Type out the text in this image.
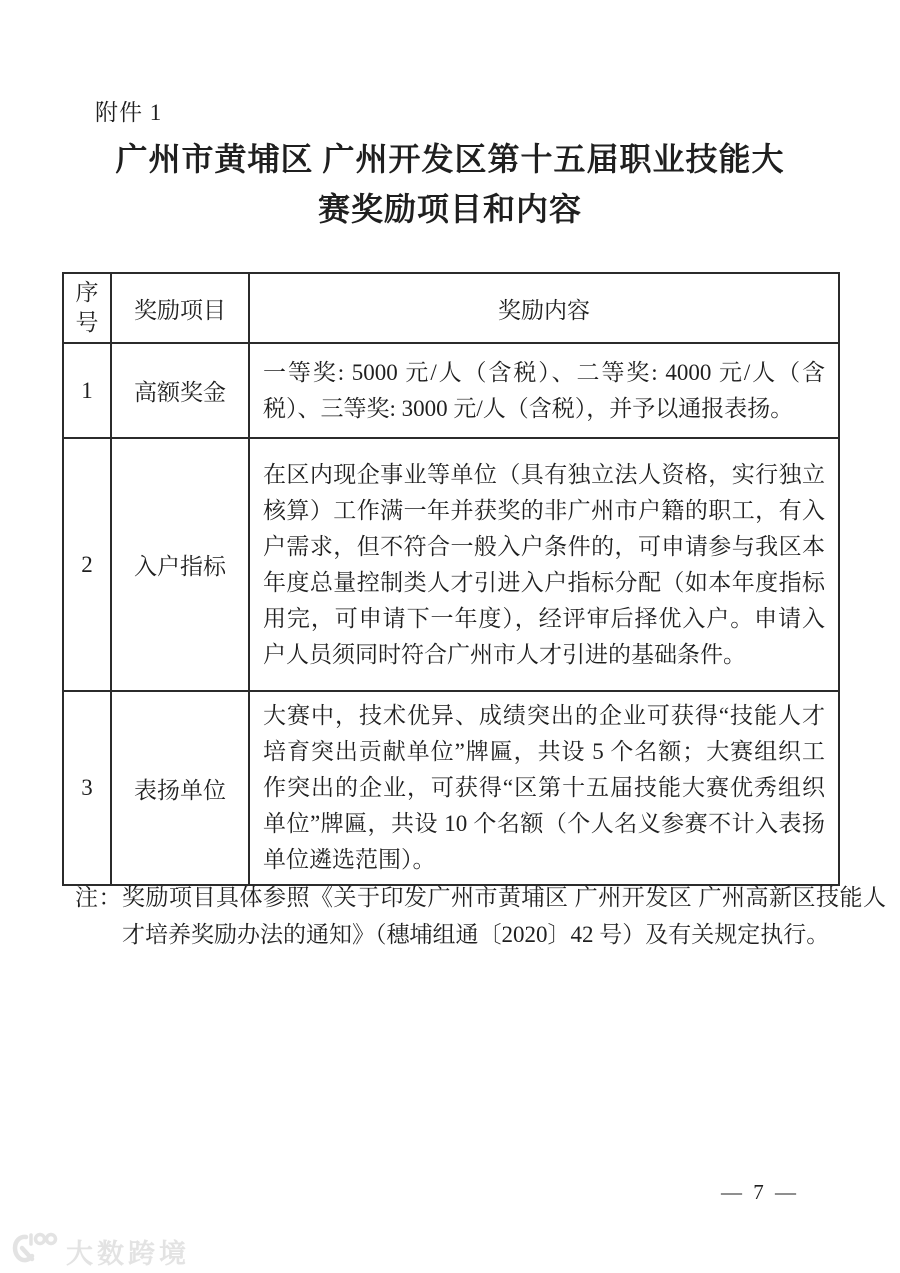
附件 1
广州市黄埔区 广州开发区第十五届职业技能大
赛奖励项目和内容
序号	奖励项目	奖励内容
1	高额奖金	一等奖: 5000 元/人（含税）、二等奖: 4000 元/人（含税）、三等奖: 3000 元/人（含税），并予以通报表扬。
2	入户指标	在区内现企事业等单位（具有独立法人资格，实行独立核算）工作满一年并获奖的非广州市户籍的职工，有入户需求，但不符合一般入户条件的，可申请参与我区本年度总量控制类人才引进入户指标分配（如本年度指标用完，可申请下一年度），经评审后择优入户。申请入户人员须同时符合广州市人才引进的基础条件。
3	表扬单位	大赛中，技术优异、成绩突出的企业可获得“技能人才培育突出贡献单位”牌匾，共设 5 个名额；大赛组织工作突出的企业，可获得“区第十五届技能大赛优秀组织单位”牌匾，共设 10 个名额（个人名义参赛不计入表扬单位遴选范围）。

注：奖励项目具体参照《关于印发广州市黄埔区 广州开发区 广州高新区技能人才培养奖励办法的通知》（穗埔组通〔2020〕42 号）及有关规定执行。

— 7 —
大数跨境
